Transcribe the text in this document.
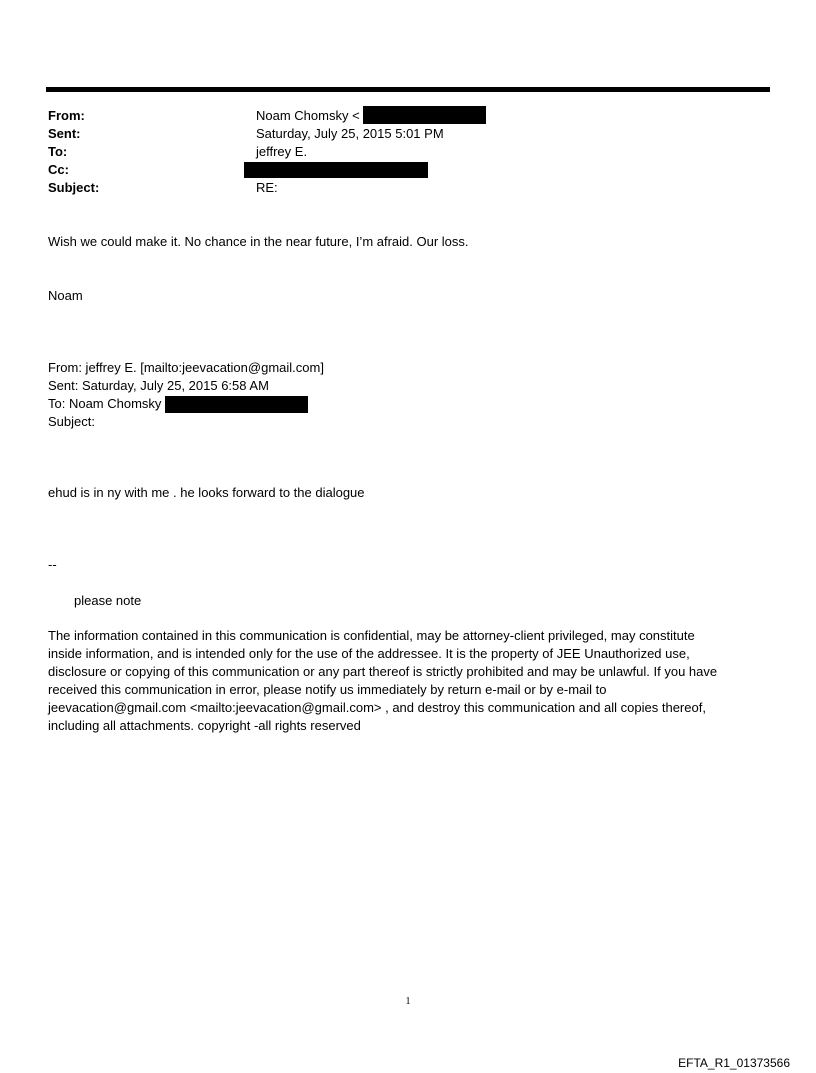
From:	Noam Chomsky <
Sent:	Saturday, July 25, 2015 5:01 PM
To:	jeffrey E.
Cc:
Subject:	RE:
Wish we could make it. No chance in the near future, I’m afraid. Our loss.
Noam
From: jeffrey E. [mailto:jeevacation@gmail.com]
Sent: Saturday, July 25, 2015 6:58 AM
To: Noam Chomsky
Subject:
ehud is in ny with me . he looks forward to the dialogue
--
please note
The information contained in this communication is confidential, may be attorney-client privileged, may constitute
inside information, and is intended only for the use of the addressee. It is the property of JEE Unauthorized use,
disclosure or copying of this communication or any part thereof is strictly prohibited and may be unlawful. If you have
received this communication in error, please notify us immediately by return e-mail or by e-mail to
jeevacation@gmail.com <mailto:jeevacation@gmail.com> , and destroy this communication and all copies thereof,
including all attachments. copyright -all rights reserved
1
EFTA_R1_01373566
